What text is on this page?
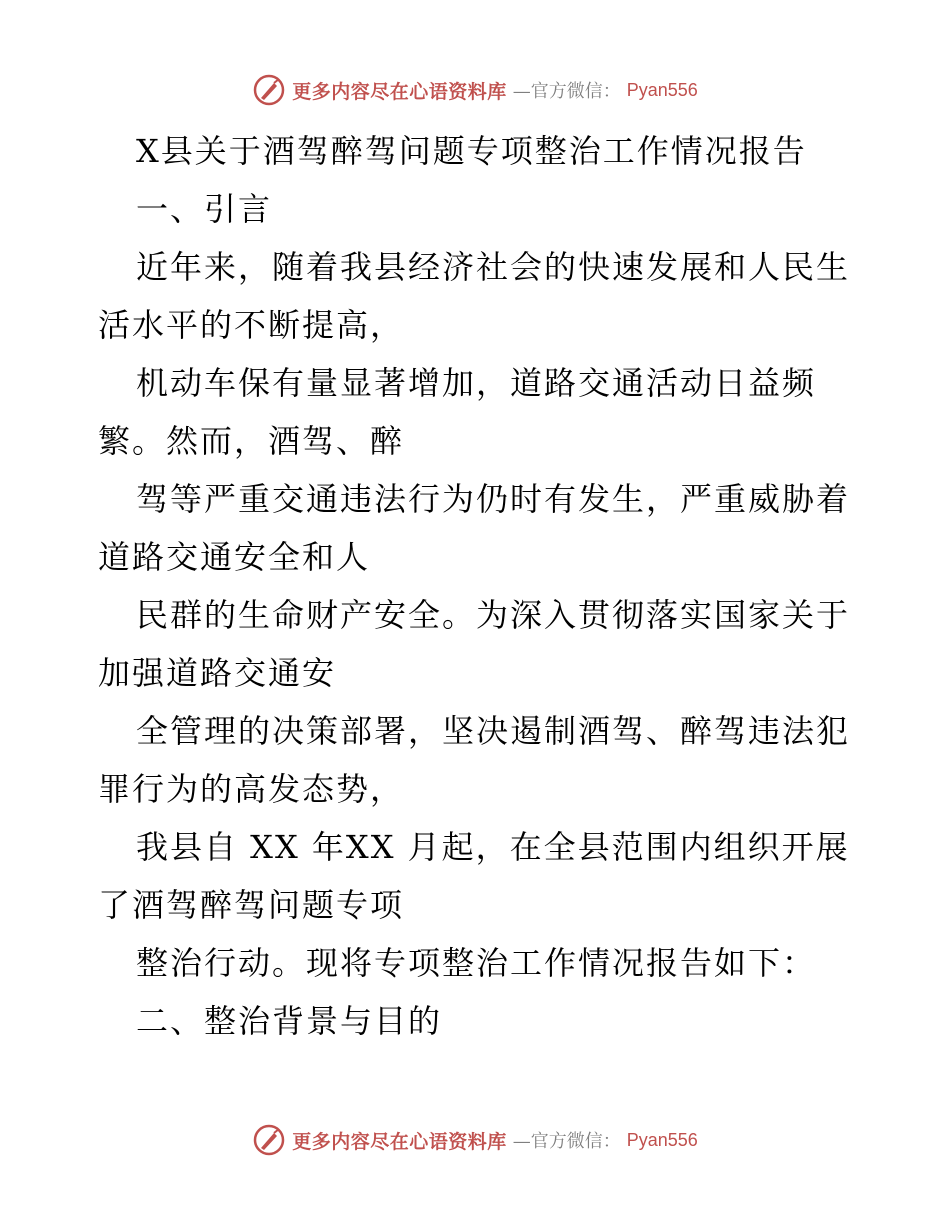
更多内容尽在心语资料库 —官方微信： Pyan556
X县关于酒驾醉驾问题专项整治工作情况报告
一、引言
近年来，随着我县经济社会的快速发展和人民生
活水平的不断提高，
机动车保有量显著增加，道路交通活动日益频
繁。然而，酒驾、醉
驾等严重交通违法行为仍时有发生，严重威胁着
道路交通安全和人
民群的生命财产安全。为深入贯彻落实国家关于
加强道路交通安
全管理的决策部署，坚决遏制酒驾、醉驾违法犯
罪行为的高发态势，
我县自 XX 年XX 月起，在全县范围内组织开展
了酒驾醉驾问题专项
整治行动。现将专项整治工作情况报告如下：
二、整治背景与目的
更多内容尽在心语资料库 —官方微信： Pyan556
